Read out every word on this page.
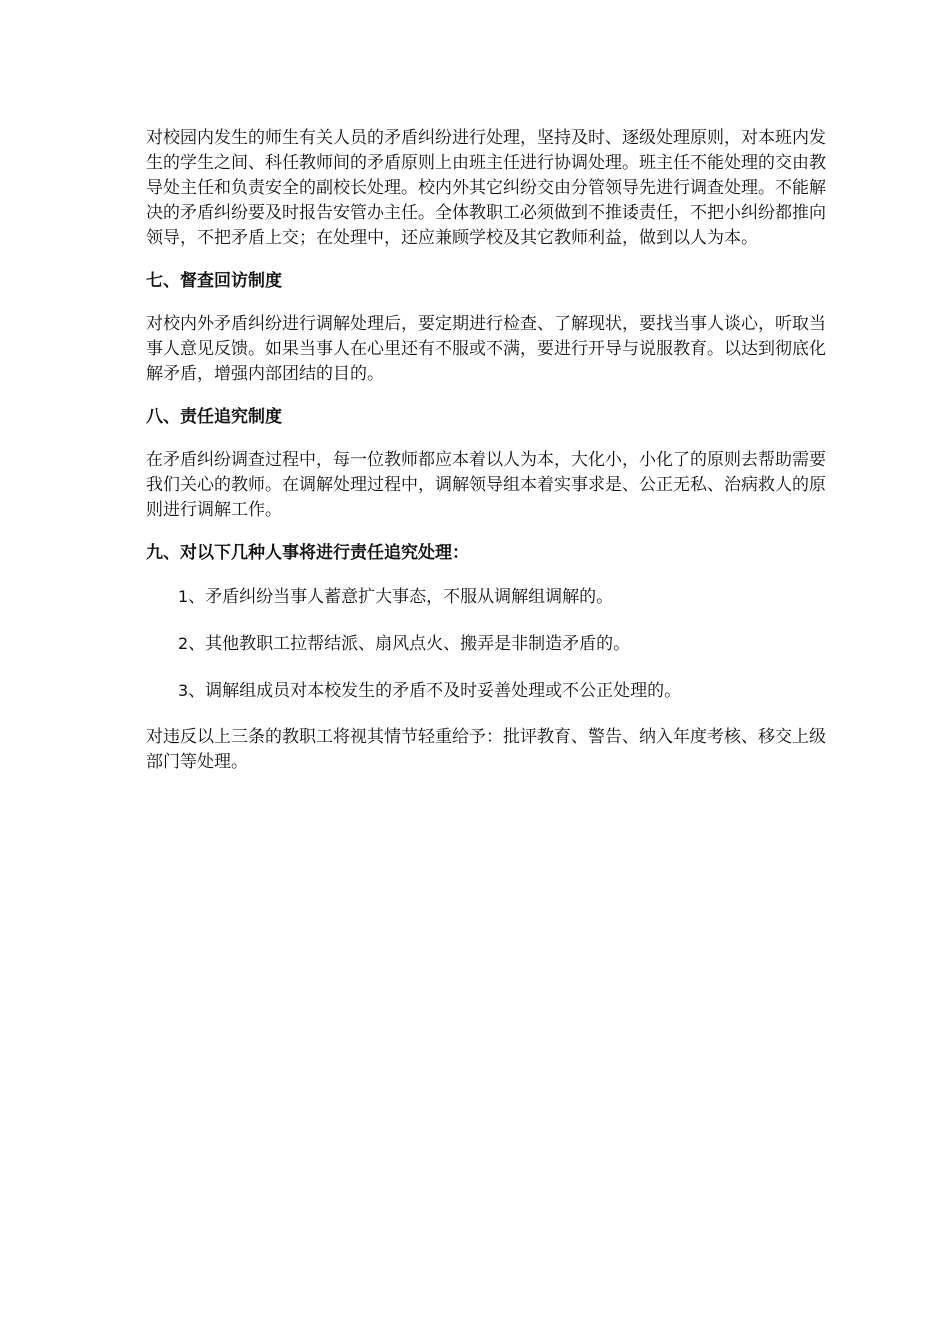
对校园内发生的师生有关人员的矛盾纠纷进行处理，坚持及时、逐级处理原则，对本班内发生的学生之间、科任教师间的矛盾原则上由班主任进行协调处理。班主任不能处理的交由教导处主任和负责安全的副校长处理。校内外其它纠纷交由分管领导先进行调查处理。不能解决的矛盾纠纷要及时报告安管办主任。全体教职工必须做到不推诿责任，不把小纠纷都推向领导，不把矛盾上交；在处理中，还应兼顾学校及其它教师利益，做到以人为本。

七、督查回访制度

对校内外矛盾纠纷进行调解处理后，要定期进行检查、了解现状，要找当事人谈心，听取当事人意见反馈。如果当事人在心里还有不服或不满，要进行开导与说服教育。以达到彻底化解矛盾，增强内部团结的目的。

八、责任追究制度

在矛盾纠纷调查过程中，每一位教师都应本着以人为本，大化小，小化了的原则去帮助需要我们关心的教师。在调解处理过程中，调解领导组本着实事求是、公正无私、治病救人的原则进行调解工作。

九、对以下几种人事将进行责任追究处理：

1、矛盾纠纷当事人蓄意扩大事态，不服从调解组调解的。

2、其他教职工拉帮结派、扇风点火、搬弄是非制造矛盾的。

3、调解组成员对本校发生的矛盾不及时妥善处理或不公正处理的。

对违反以上三条的教职工将视其情节轻重给予：批评教育、警告、纳入年度考核、移交上级部门等处理。
